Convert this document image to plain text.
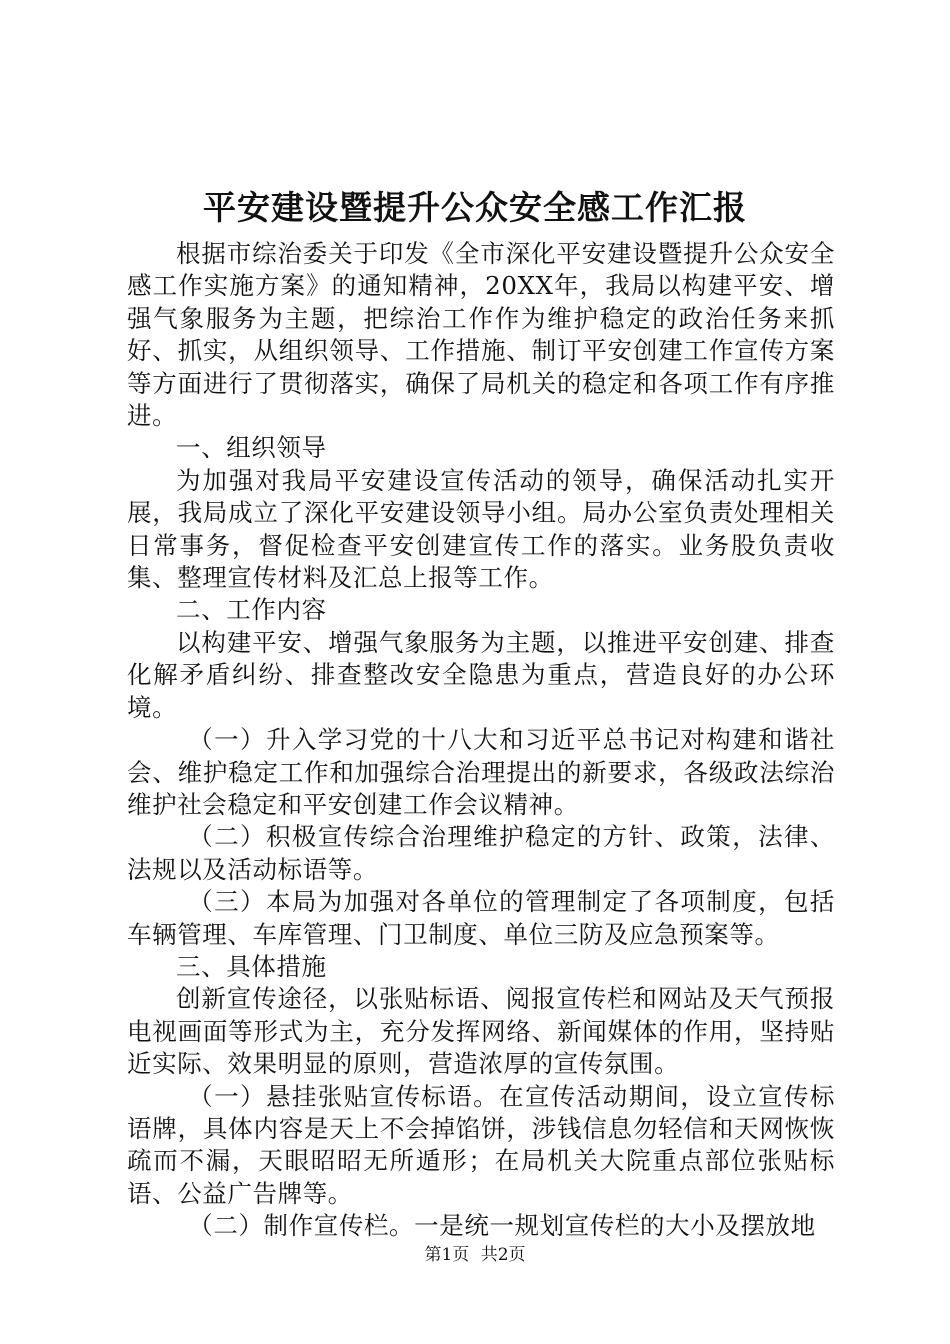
平安建设暨提升公众安全感工作汇报

根据市综治委关于印发《全市深化平安建设暨提升公众安全感工作实施方案》的通知精神，20XX年，我局以构建平安、增强气象服务为主题，把综治工作作为维护稳定的政治任务来抓好、抓实，从组织领导、工作措施、制订平安创建工作宣传方案等方面进行了贯彻落实，确保了局机关的稳定和各项工作有序推进。

一、组织领导

为加强对我局平安建设宣传活动的领导，确保活动扎实开展，我局成立了深化平安建设领导小组。局办公室负责处理相关日常事务，督促检查平安创建宣传工作的落实。业务股负责收集、整理宣传材料及汇总上报等工作。

二、工作内容

以构建平安、增强气象服务为主题，以推进平安创建、排查化解矛盾纠纷、排查整改安全隐患为重点，营造良好的办公环境。

（一）升入学习党的十八大和习近平总书记对构建和谐社会、维护稳定工作和加强综合治理提出的新要求，各级政法综治维护社会稳定和平安创建工作会议精神。

（二）积极宣传综合治理维护稳定的方针、政策，法律、法规以及活动标语等。

（三）本局为加强对各单位的管理制定了各项制度，包括车辆管理、车库管理、门卫制度、单位三防及应急预案等。

三、具体措施

创新宣传途径，以张贴标语、阅报宣传栏和网站及天气预报电视画面等形式为主，充分发挥网络、新闻媒体的作用，坚持贴近实际、效果明显的原则，营造浓厚的宣传氛围。

（一）悬挂张贴宣传标语。在宣传活动期间，设立宣传标语牌，具体内容是天上不会掉馅饼，涉钱信息勿轻信和天网恢恢疏而不漏，天眼昭昭无所遁形；在局机关大院重点部位张贴标语、公益广告牌等。

（二）制作宣传栏。一是统一规划宣传栏的大小及摆放地

第1页 共2页
